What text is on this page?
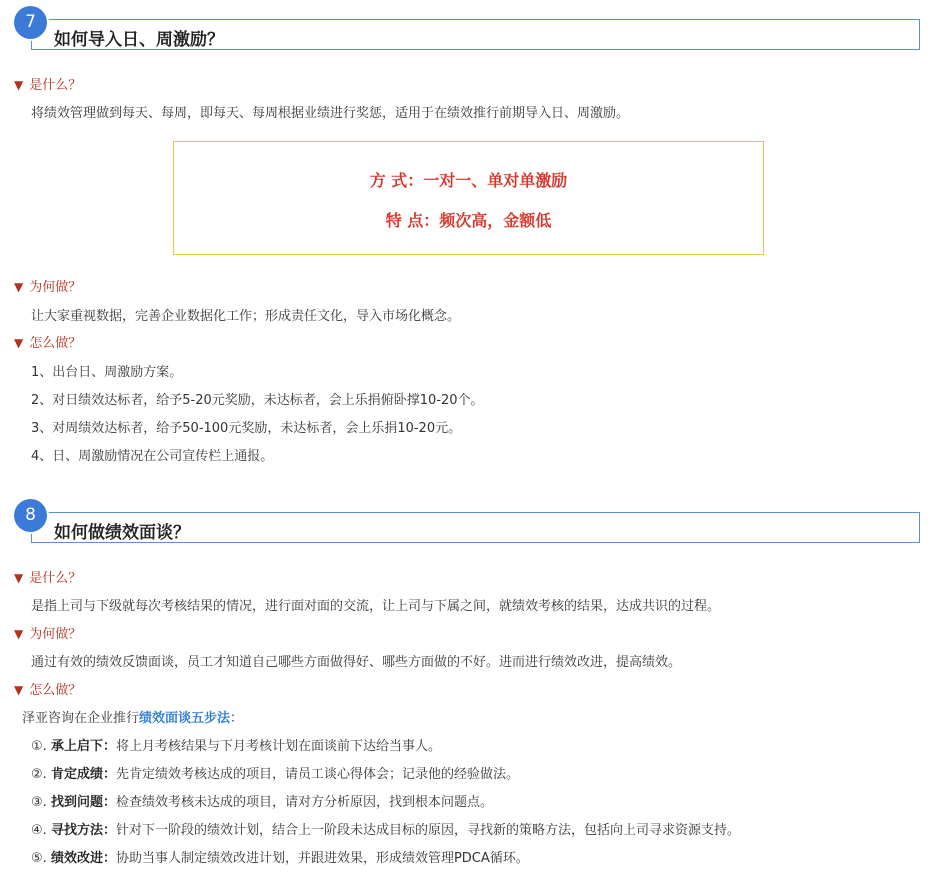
如何导入日、周激励？
7
▼ 是什么？
将绩效管理做到每天、每周，即每天、每周根据业绩进行奖惩，适用于在绩效推行前期导入日、周激励。
方 式：一对一、单对单激励
特 点：频次高，金额低
▼ 为何做？
让大家重视数据，完善企业数据化工作；形成责任文化，导入市场化概念。
▼ 怎么做？
1、出台日、周激励方案。
2、对日绩效达标者，给予5-20元奖励，未达标者，会上乐捐俯卧撑10-20个。
3、对周绩效达标者，给予50-100元奖励，未达标者，会上乐捐10-20元。
4、日、周激励情况在公司宣传栏上通报。
如何做绩效面谈？
8
▼ 是什么？
是指上司与下级就每次考核结果的情况，进行面对面的交流，让上司与下属之间，就绩效考核的结果，达成共识的过程。
▼ 为何做？
通过有效的绩效反馈面谈，员工才知道自己哪些方面做得好、哪些方面做的不好。进而进行绩效改进，提高绩效。
▼ 怎么做？
泽亚咨询在企业推行绩效面谈五步法：
①. 承上启下：将上月考核结果与下月考核计划在面谈前下达给当事人。
②. 肯定成绩：先肯定绩效考核达成的项目，请员工谈心得体会；记录他的经验做法。
③. 找到问题：检查绩效考核未达成的项目，请对方分析原因，找到根本问题点。
④. 寻找方法：针对下一阶段的绩效计划，结合上一阶段未达成目标的原因，寻找新的策略方法，包括向上司寻求资源支持。
⑤. 绩效改进：协助当事人制定绩效改进计划，并跟进效果，形成绩效管理PDCA循环。
